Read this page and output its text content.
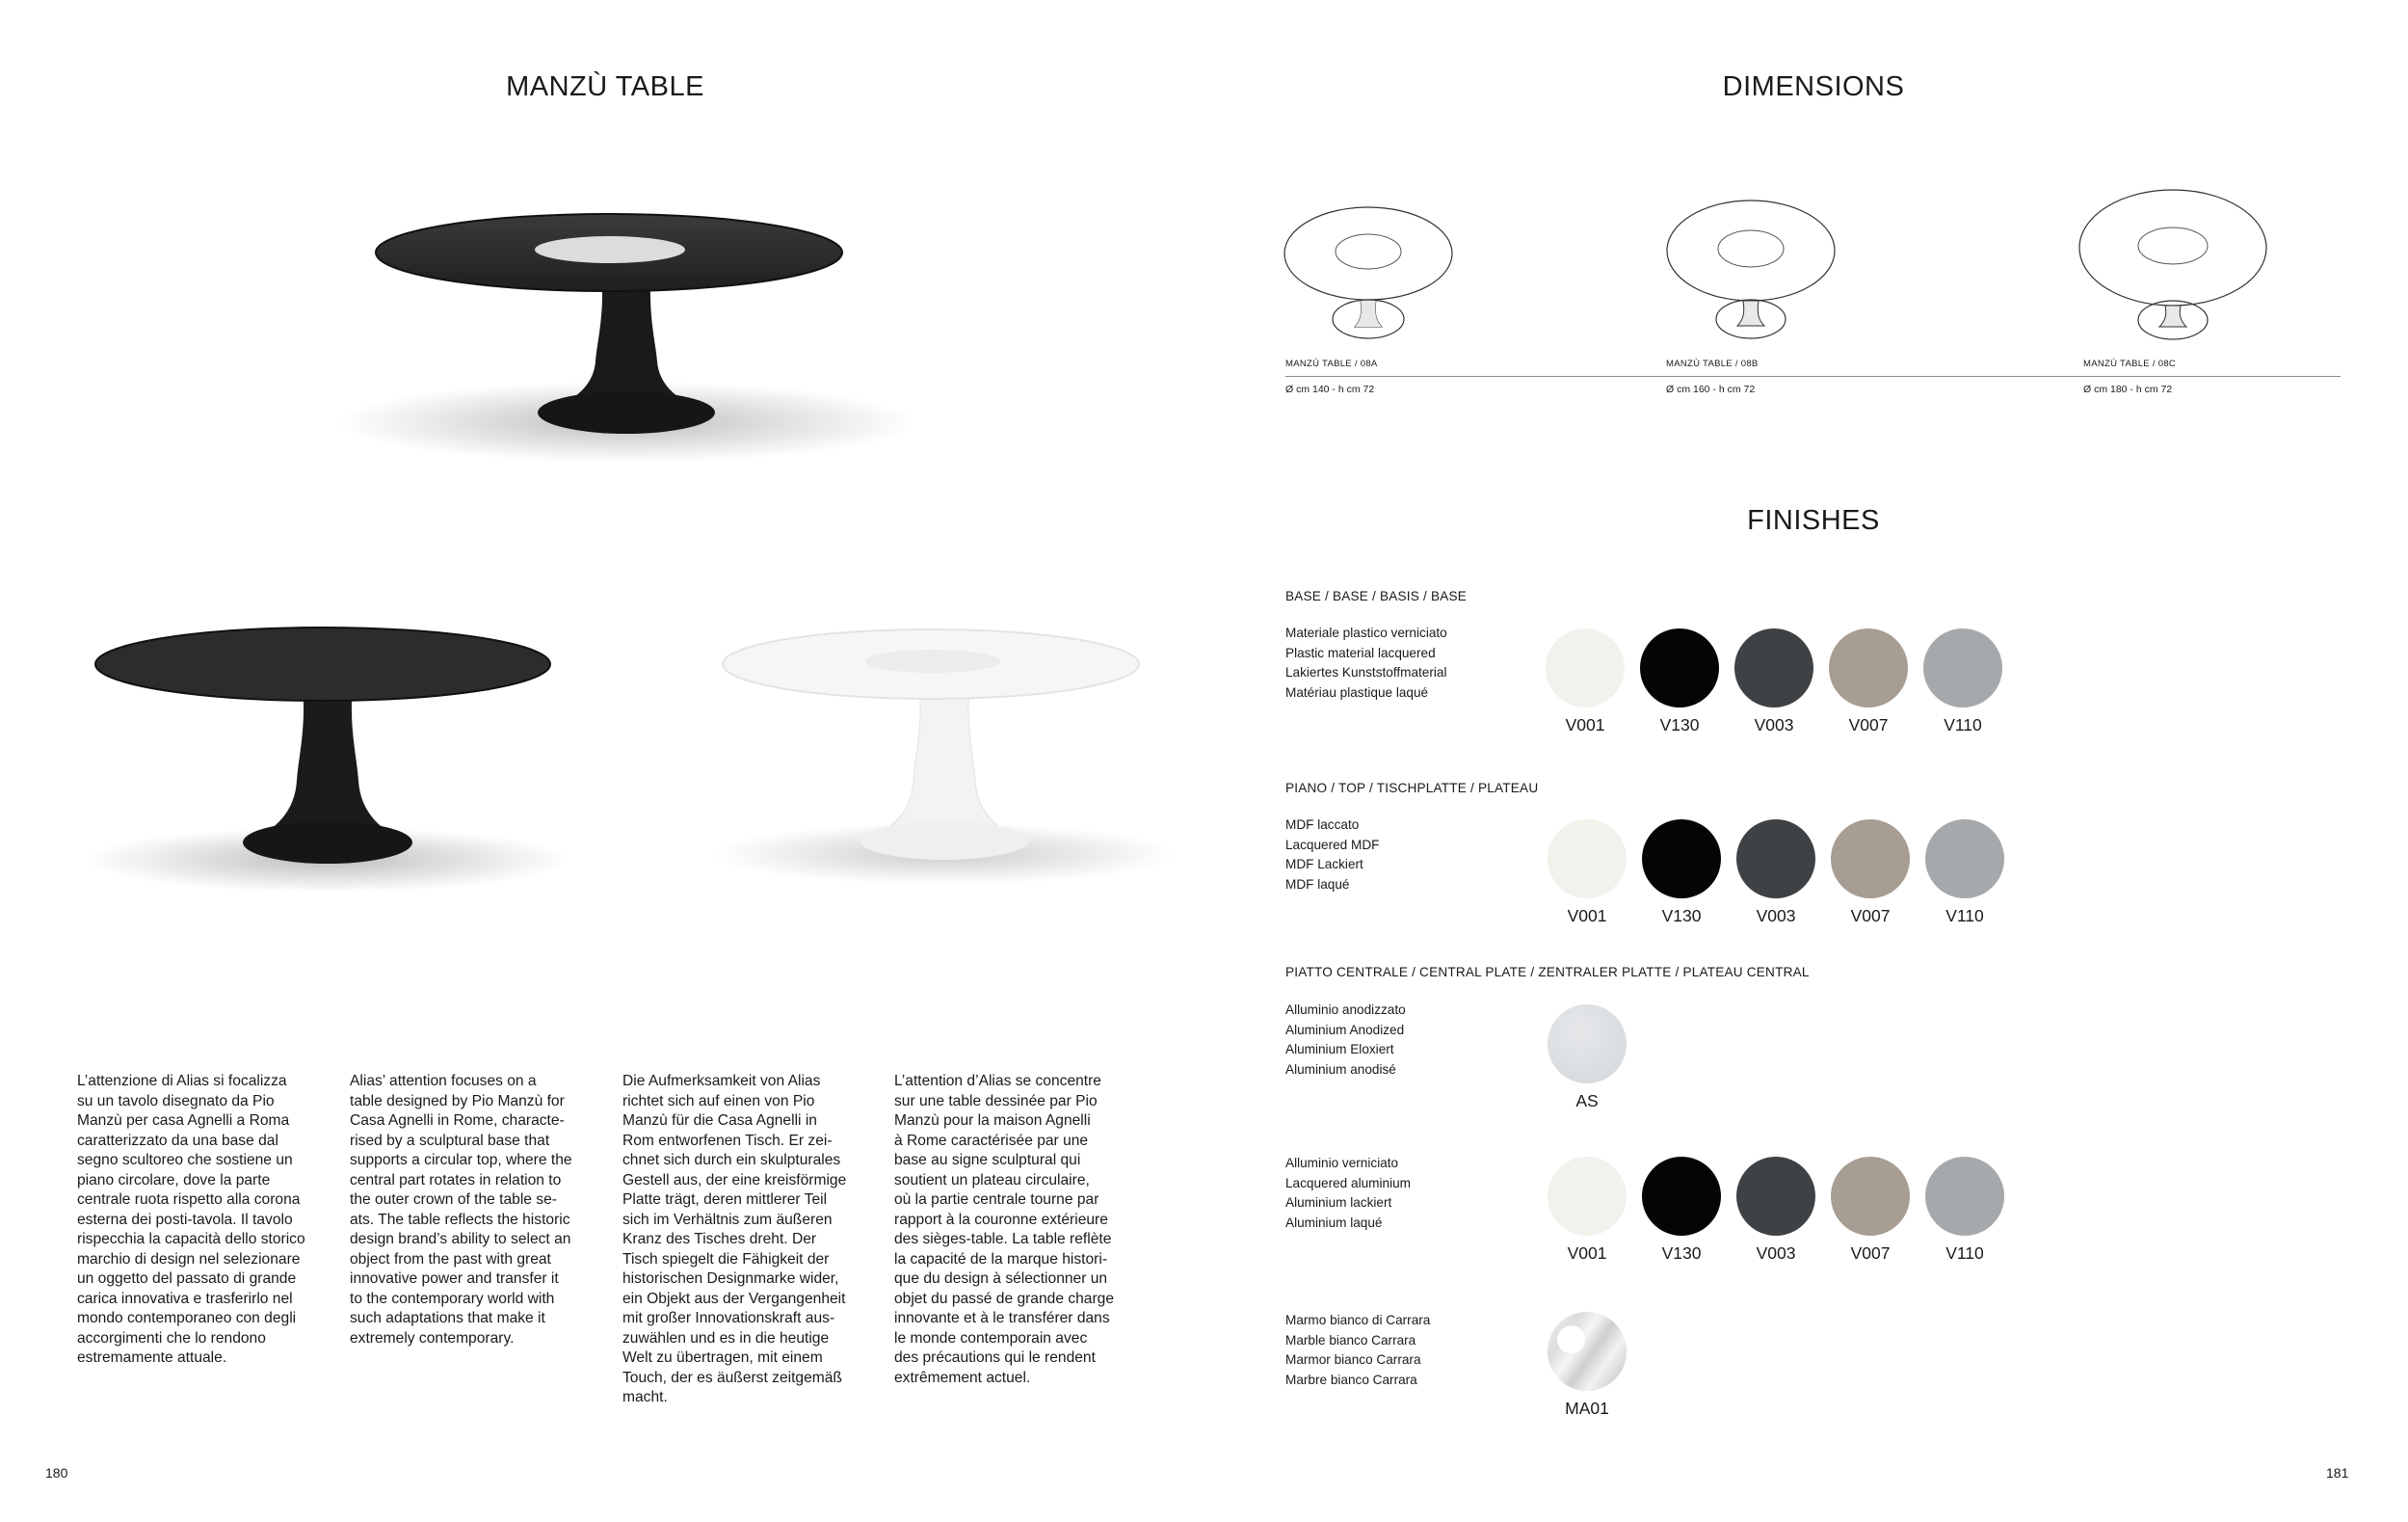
MANZÙ TABLE
L’attenzione di Alias si focalizza
su un tavolo disegnato da Pio
Manzù per casa Agnelli a Roma
caratterizzato da una base dal
segno scultoreo che sostiene un
piano circolare, dove la parte
centrale ruota rispetto alla corona
esterna dei posti-tavola. Il tavolo
rispecchia la capacità dello storico
marchio di design nel selezionare
un oggetto del passato di grande
carica innovativa e trasferirlo nel
mondo contemporaneo con degli
accorgimenti che lo rendono
estremamente attuale.
Alias’ attention focuses on a
table designed by Pio Manzù for
Casa Agnelli in Rome, characte-
rised by a sculptural base that
supports a circular top, where the
central part rotates in relation to
the outer crown of the table se-
ats. The table reflects the historic
design brand’s ability to select an
object from the past with great
innovative power and transfer it
to the contemporary world with
such adaptations that make it
extremely contemporary.
Die Aufmerksamkeit von Alias
richtet sich auf einen von Pio
Manzù für die Casa Agnelli in
Rom entworfenen Tisch. Er zei-
chnet sich durch ein skulpturales
Gestell aus, der eine kreisförmige
Platte trägt, deren mittlerer Teil
sich im Verhältnis zum äußeren
Kranz des Tisches dreht. Der
Tisch spiegelt die Fähigkeit der
historischen Designmarke wider,
ein Objekt aus der Vergangenheit
mit großer Innovationskraft aus-
zuwählen und es in die heutige
Welt zu übertragen, mit einem
Touch, der es äußerst zeitgemäß
macht.
L’attention d’Alias se concentre
sur une table dessinée par Pio
Manzù pour la maison Agnelli
à Rome caractérisée par une
base au signe sculptural qui
soutient un plateau circulaire,
où la partie centrale tourne par
rapport à la couronne extérieure
des sièges-table. La table reflète
la capacité de la marque histori-
que du design à sélectionner un
objet du passé de grande charge
innovante et à le transférer dans
le monde contemporain avec
des précautions qui le rendent
extrêmement actuel.
180
DIMENSIONS
MANZÙ TABLE / 08A	MANZÙ TABLE / 08B	MANZÙ TABLE / 08C
Ø cm 140 - h cm 72	Ø cm 160 - h cm 72	Ø cm 180 - h cm 72
FINISHES
BASE / BASE / BASIS / BASE
Materiale plastico verniciato
Plastic material lacquered
Lakiertes Kunststoffmaterial
Matériau plastique laqué
V001	V130	V003	V007	V110
PIANO / TOP / TISCHPLATTE / PLATEAU
MDF laccato
Lacquered MDF
MDF Lackiert
MDF laqué
V001	V130	V003	V007	V110
PIATTO CENTRALE / CENTRAL PLATE / ZENTRALER PLATTE / PLATEAU CENTRAL
Alluminio anodizzato
Aluminium Anodized
Aluminium Eloxiert
Aluminium anodisé
AS
Alluminio verniciato
Lacquered aluminium
Aluminium lackiert
Aluminium laqué
V001	V130	V003	V007	V110
Marmo bianco di Carrara
Marble bianco Carrara
Marmor bianco Carrara
Marbre bianco Carrara
MA01
181
